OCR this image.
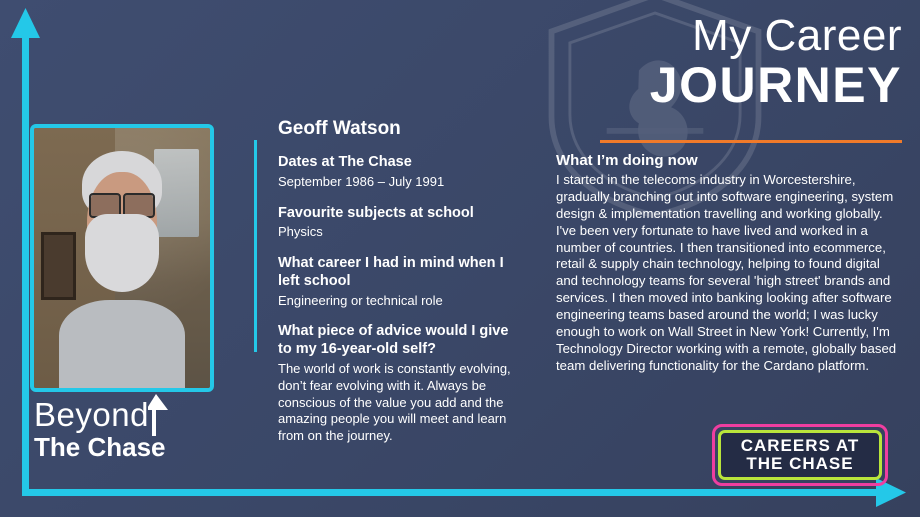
Beyond
The Chase
Geoff Watson
Dates at The Chase
September 1986 – July 1991
Favourite subjects at school
Physics
What career I had in mind when I left school
Engineering or technical role
What piece of advice would I give to my 16-year-old self?
The world of work is constantly evolving, don’t fear evolving with it. Always be conscious of the value you add and the amazing people you will meet and learn from on the journey.
My Career
JOURNEY
What I’m doing now

I started in the telecoms industry in Worcestershire, gradually branching out into software engineering, system design & implementation travelling and working globally. I've been very fortunate to have lived and worked in a number of countries. I then transitioned into ecommerce, retail & supply chain technology, helping to found digital and technology teams for several 'high street' brands and services. I then moved into banking looking after software engineering teams based around the world; I was lucky enough to work on Wall Street in New York! Currently, I'm Technology Director working with a remote, globally based team delivering functionality for the Cardano platform.

CAREERS AT
THE CHASE
